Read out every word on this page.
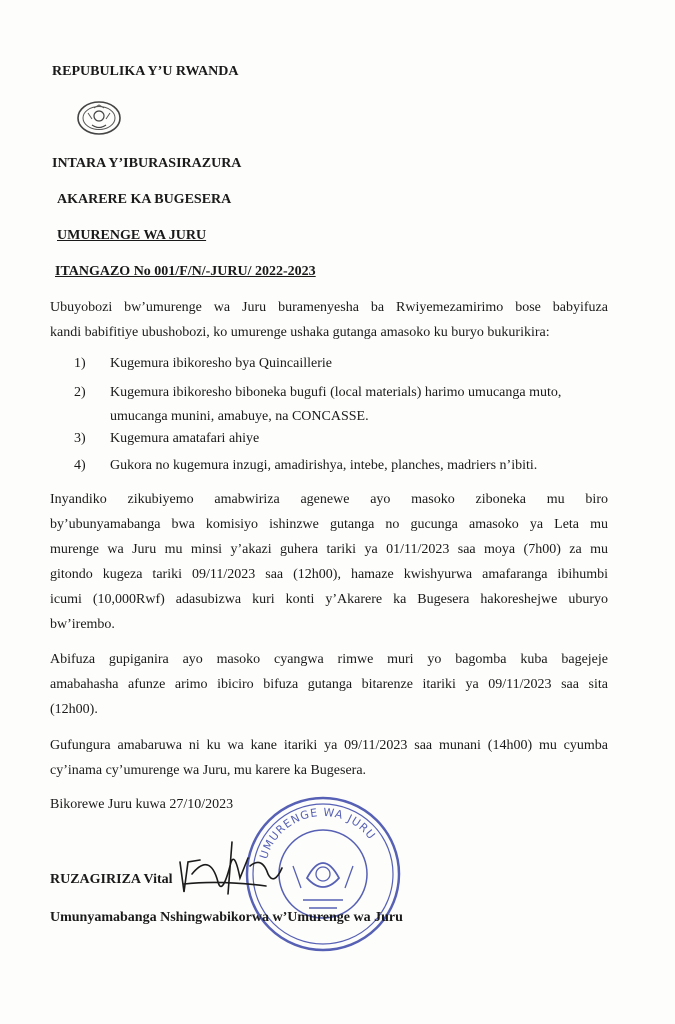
REPUBULIKA Y’U RWANDA
INTARA Y’IBURASIRAZURA
AKARERE KA BUGESERA
UMURENGE WA JURU
ITANGAZO No 001/F/N/-JURU/ 2022-2023
Ubuyobozi bw’umurenge wa Juru buramenyesha ba Rwiyemezamirimo bose babyifuza
kandi babifitiye ubushobozi, ko umurenge ushaka gutanga amasoko ku buryo bukurikira:
1) Kugemura ibikoresho bya Quincaillerie
2) Kugemura ibikoresho biboneka bugufi (local materials) harimo umucanga muto,
umucanga munini, amabuye, na CONCASSE.
3) Kugemura amatafari ahiye
4) Gukora no kugemura inzugi, amadirishya, intebe, planches, madriers n’ibiti.
Inyandiko zikubiyemo amabwiriza agenewe ayo masoko ziboneka mu biro
by’ubunyamabanga bwa komisiyo ishinzwe gutanga no gucunga amasoko ya Leta mu
murenge wa Juru mu minsi y’akazi guhera tariki ya 01/11/2023 saa moya (7h00) za mu
gitondo kugeza tariki 09/11/2023 saa (12h00), hamaze kwishyurwa amafaranga ibihumbi
icumi (10,000Rwf) adasubizwa kuri konti y’Akarere ka Bugesera hakoreshejwe uburyo
bw’irembo.
Abifuza gupiganira ayo masoko cyangwa rimwe muri yo bagomba kuba bagejeje
amabahasha afunze arimo ibiciro bifuza gutanga bitarenze itariki ya 09/11/2023 saa sita
(12h00).
Gufungura amabaruwa ni ku wa kane itariki ya 09/11/2023 saa munani (14h00) mu cyumba
cy’inama cy’umurenge wa Juru, mu karere ka Bugesera.
Bikorewe Juru kuwa 27/10/2023
UMURENGE WA JURU
RUZAGIRIZA Vital
Umunyamabanga Nshingwabikorwa w’Umurenge wa Juru
